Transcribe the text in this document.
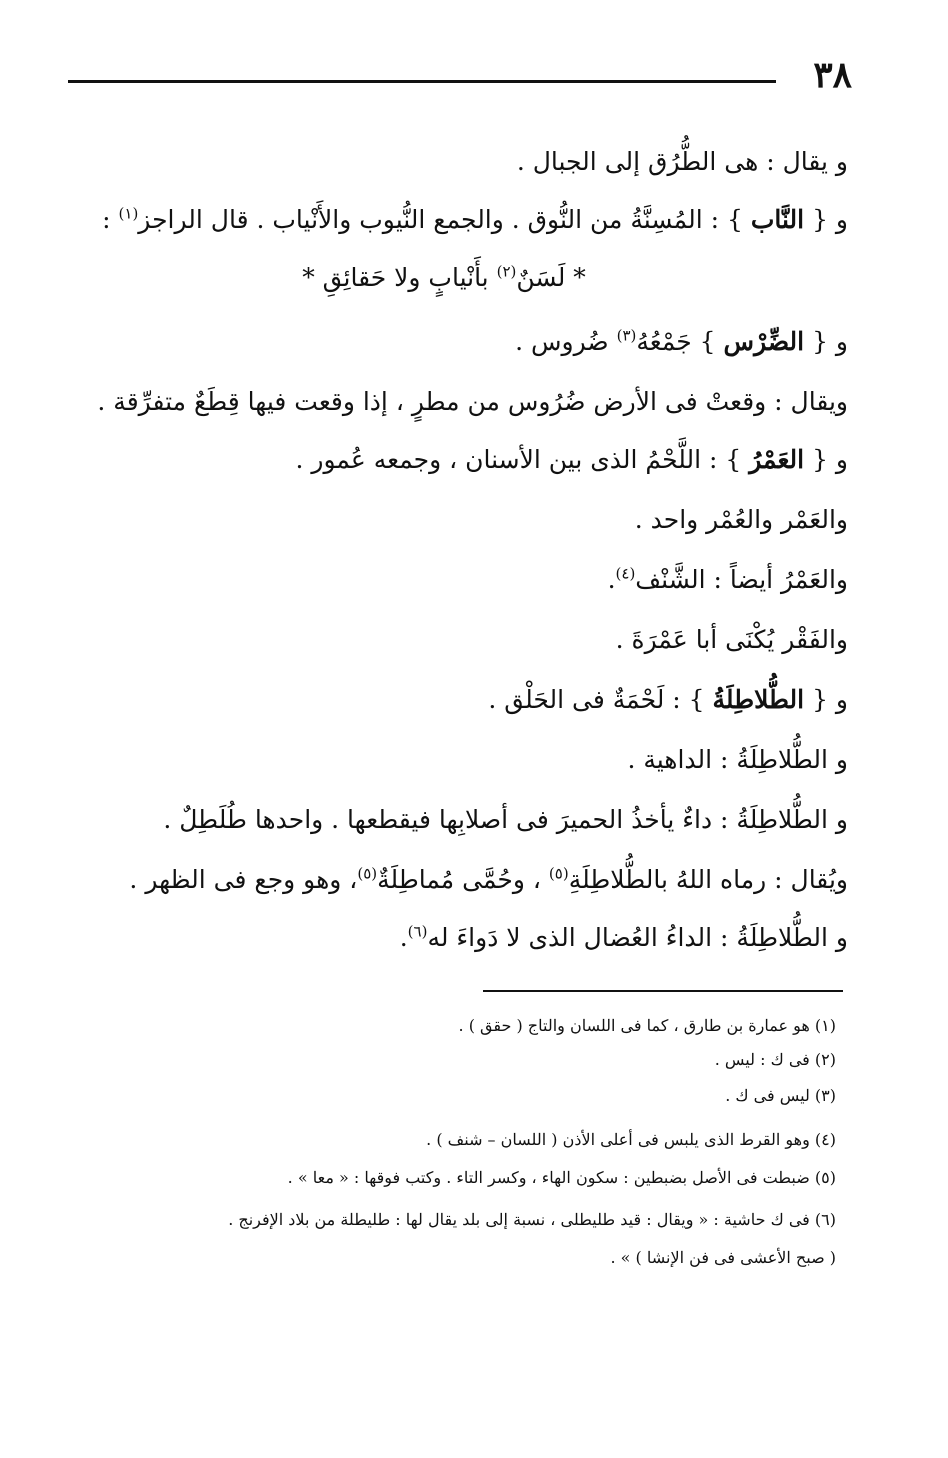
٣٨
و يقال : هى الطُّرُق إلى الجبال .
و { النَّاب } : المُسِنَّةُ من النُّوق . والجمع النُّيوب والأَنْياب . قال الراجز$^{(١)}$ :
* لَسَنٌ$^{(٢)}$ بأَنْيابٍ ولا حَقائِقِ *
و { الضِّرْس } جَمْعُهُ$^{(٣)}$ ضُروس .
ويقال : وقعتْ فى الأرض ضُرُوس من مطرٍ ، إذا وقعت فيها قِطَعٌ متفرِّقة .
و { العَمْرُ } : اللَّحْمُ الذى بين الأسنان ، وجمعه عُمور .
والعَمْر والعُمْر واحد .
والعَمْرُ أيضاً : الشَّنْف$^{(٤)}$.
والفَقْر يُكْنَى أبا عَمْرَةَ .
و { الطُّلاطِلَةُ } : لَحْمَةٌ فى الحَلْق .
و الطُّلاطِلَةُ : الداهية .
و الطُّلاطِلَةُ : داءٌ يأخذُ الحميرَ فى أصلابِها فيقطعها . واحدها طُلَطِلٌ .
ويُقال : رماه اللهُ بالطُّلاطِلَةِ$^{(٥)}$ ، وحُمَّى مُماطِلَةٌ$^{(٥)}$، وهو وجع فى الظهر .
و الطُّلاطِلَةُ : الداءُ العُضال الذى لا دَواءَ له$^{(٦)}$.
(١) هو عمارة بن طارق ، كما فى اللسان والتاج ( حقق ) .
(٢) فى ك : ليس .
(٣) ليس فى ك .
(٤) وهو القرط الذى يلبس فى أعلى الأذن ( اللسان – شنف ) .
(٥) ضبطت فى الأصل بضبطين : سكون الهاء ، وكسر التاء . وكتب فوقها : « معا » .
(٦) فى ك حاشية : « ويقال : قيد طليطلى ، نسبة إلى بلد يقال لها : طليطلة من بلاد الإفرنج .
( صبح الأعشى فى فن الإنشا ) » .
